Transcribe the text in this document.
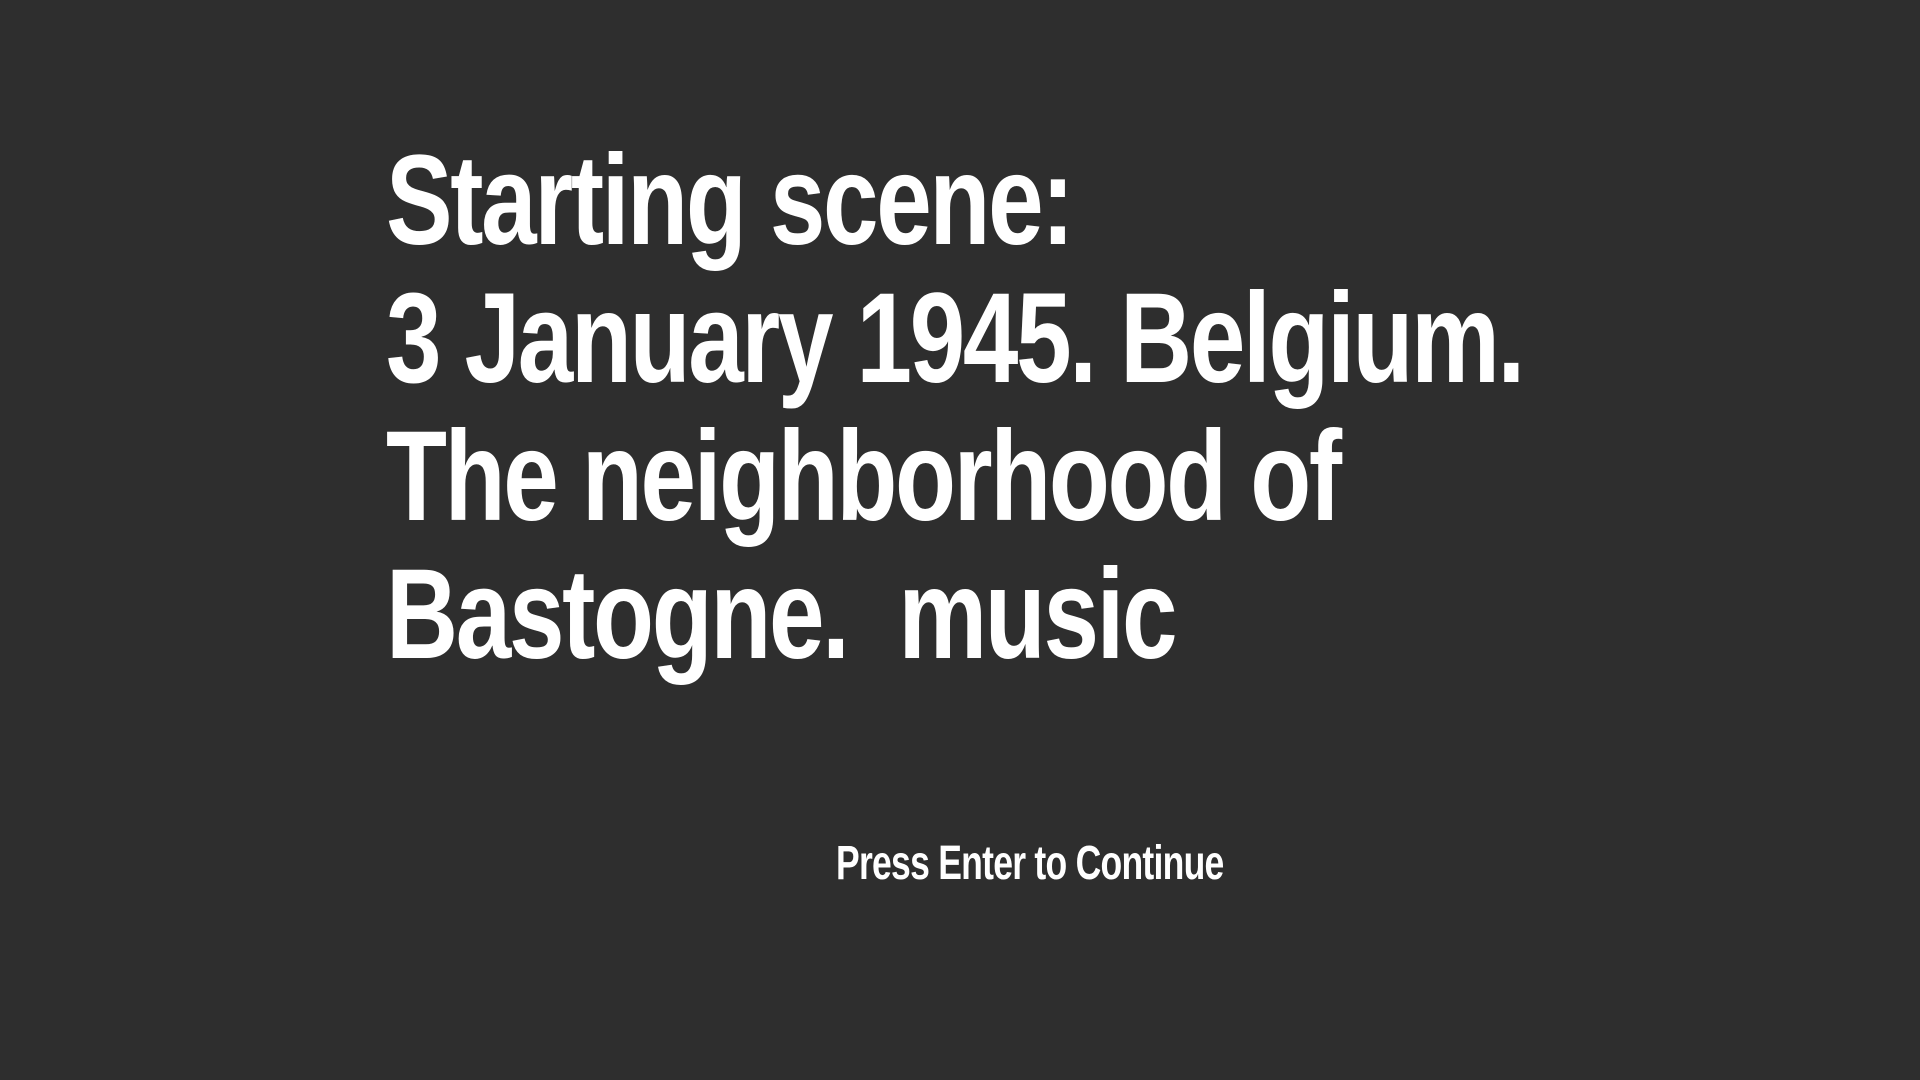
Starting scene:
3 January 1945. Belgium.
The neighborhood of
Bastogne.  music
Press Enter to Continue
